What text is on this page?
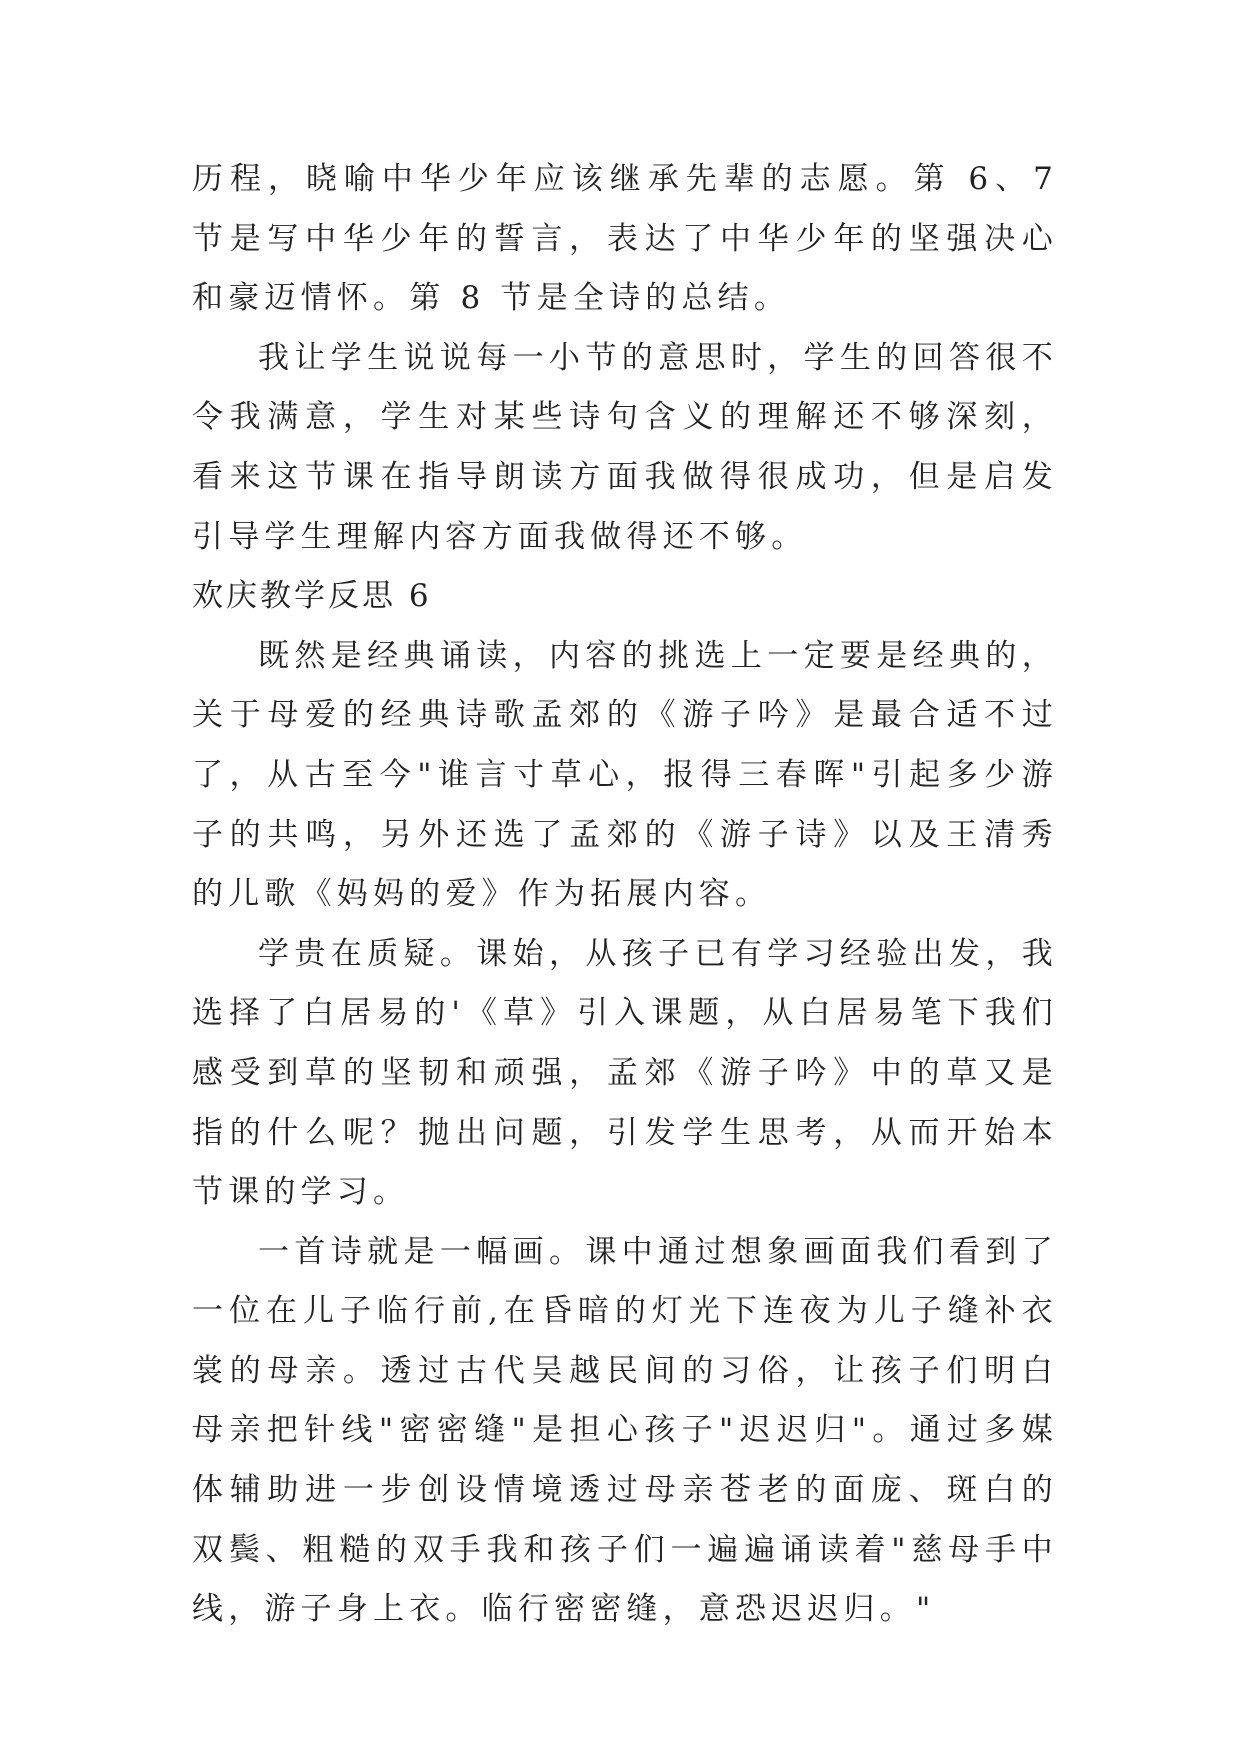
历程，晓喻中华少年应该继承先辈的志愿。第 6、7 节是写中华少年的誓言，表达了中华少年的坚强决心和豪迈情怀。第 8 节是全诗的总结。

我让学生说说每一小节的意思时，学生的回答很不令我满意，学生对某些诗句含义的理解还不够深刻，看来这节课在指导朗读方面我做得很成功，但是启发引导学生理解内容方面我做得还不够。

欢庆教学反思 6

既然是经典诵读，内容的挑选上一定要是经典的，关于母爱的经典诗歌孟郊的《游子吟》是最合适不过了，从古至今"谁言寸草心，报得三春晖"引起多少游子的共鸣，另外还选了孟郊的《游子诗》以及王清秀的儿歌《妈妈的爱》作为拓展内容。

学贵在质疑。课始，从孩子已有学习经验出发，我选择了白居易的'《草》引入课题，从白居易笔下我们感受到草的坚韧和顽强，孟郊《游子吟》中的草又是指的什么呢？抛出问题，引发学生思考，从而开始本节课的学习。

一首诗就是一幅画。课中通过想象画面我们看到了一位在儿子临行前,在昏暗的灯光下连夜为儿子缝补衣裳的母亲。透过古代吴越民间的习俗，让孩子们明白母亲把针线"密密缝"是担心孩子"迟迟归"。通过多媒体辅助进一步创设情境透过母亲苍老的面庞、斑白的双鬓、粗糙的双手我和孩子们一遍遍诵读着"慈母手中线，游子身上衣。临行密密缝，意恐迟迟归。"
